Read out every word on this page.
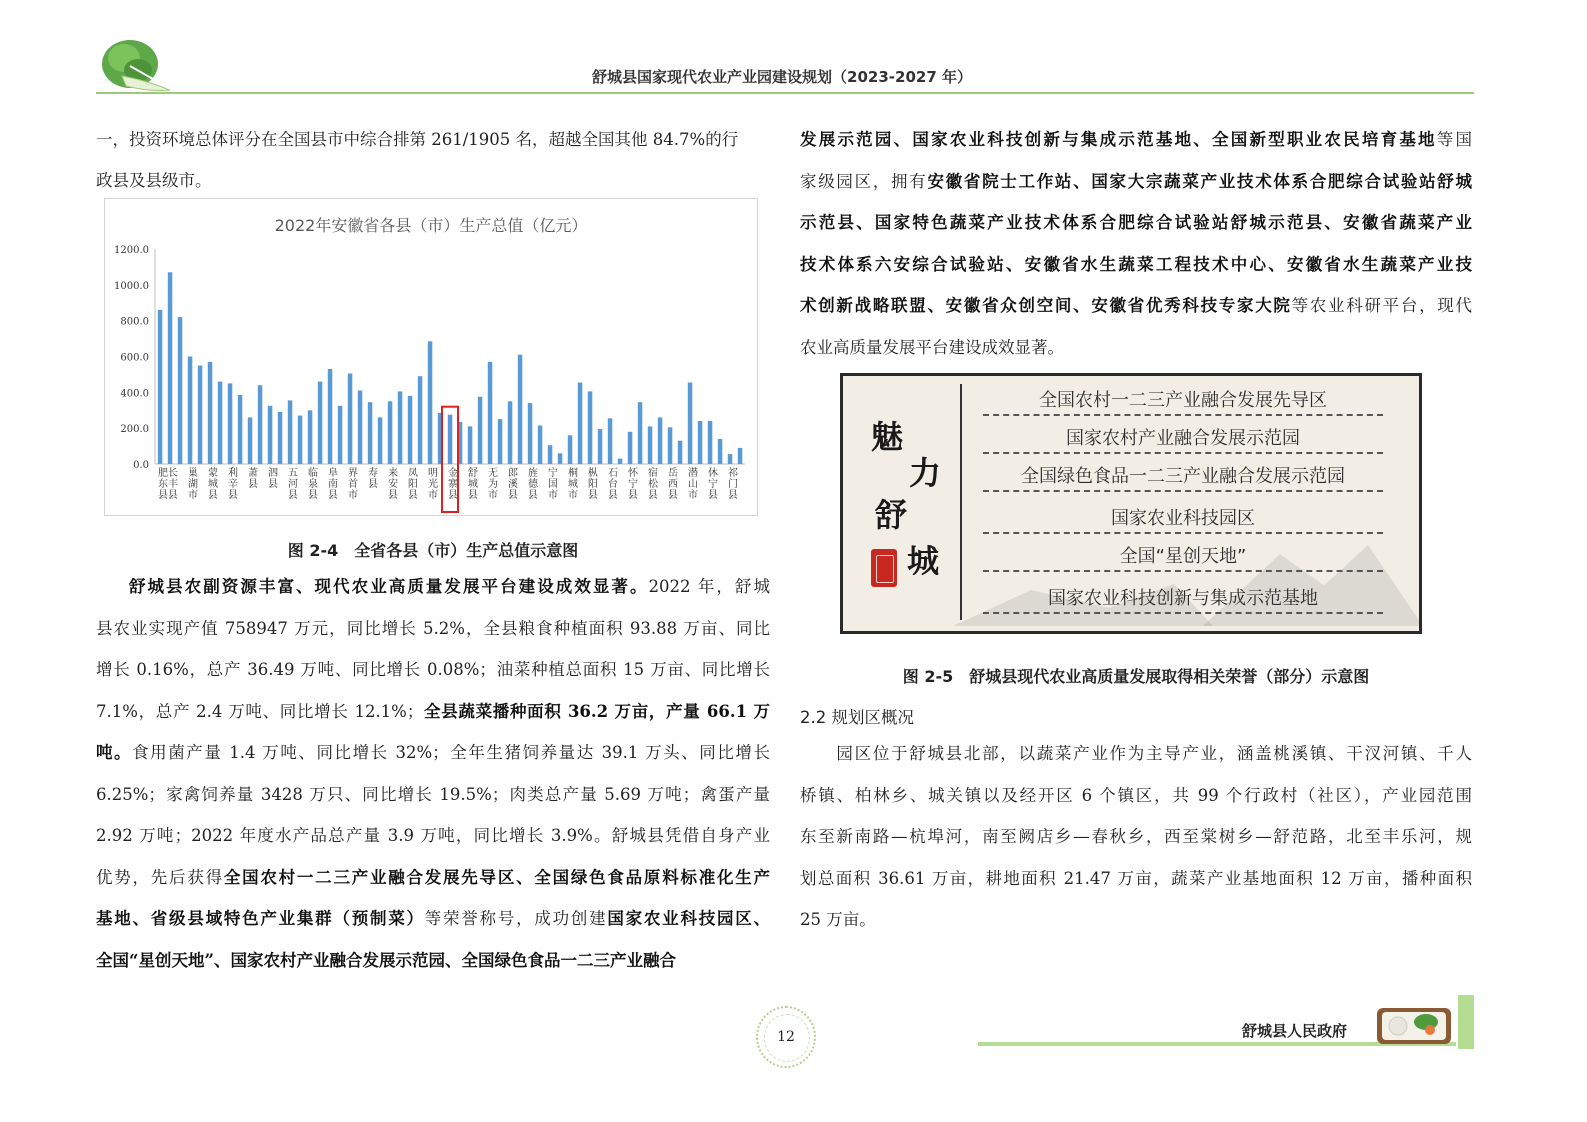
舒城县国家现代农业产业园建设规划（2023-2027 年）
一，投资环境总体评分在全国县市中综合排第 261/1905 名，超越全国其他 84.7%的行
政县及县级市。
2022年安徽省各县（市）生产总值（亿元）
0.0
200.0
400.0
600.0
800.0
1000.0
1200.0
肥
东
县
长
丰
县
巢
湖
市
蒙
城
县
利
辛
县
萧
县
泗
县
五
河
县
临
泉
县
阜
南
县
界
首
市
寿
县
来
安
县
凤
阳
县
明
光
市
金
寨
县
舒
城
县
无
为
市
郎
溪
县
旌
德
县
宁
国
市
桐
城
市
枞
阳
县
石
台
县
怀
宁
县
宿
松
县
岳
西
县
潜
山
市
休
宁
县
祁
门
县
图 2-4　全省各县（市）生产总值示意图
舒城县农副资源丰富、现代农业高质量发展平台建设成效显著。2022 年，舒城
县农业实现产值 758947 万元，同比增长 5.2%，全县粮食种植面积 93.88 万亩、同比
增长 0.16%，总产 36.49 万吨、同比增长 0.08%；油菜种植总面积 15 万亩、同比增长
7.1%，总产 2.4 万吨、同比增长 12.1%；全县蔬菜播种面积 36.2 万亩，产量 66.1 万
吨。食用菌产量 1.4 万吨、同比增长 32%；全年生猪饲养量达 39.1 万头、同比增长
6.25%；家禽饲养量 3428 万只、同比增长 19.5%；肉类总产量 5.69 万吨；禽蛋产量
2.92 万吨；2022 年度水产品总产量 3.9 万吨，同比增长 3.9%。舒城县凭借自身产业
优势，先后获得全国农村一二三产业融合发展先导区、全国绿色食品原料标准化生产
基地、省级县域特色产业集群（预制菜）等荣誉称号，成功创建国家农业科技园区、
全国“星创天地”、国家农村产业融合发展示范园、全国绿色食品一二三产业融合
发展示范园、国家农业科技创新与集成示范基地、全国新型职业农民培育基地等国
家级园区，拥有安徽省院士工作站、国家大宗蔬菜产业技术体系合肥综合试验站舒城
示范县、国家特色蔬菜产业技术体系合肥综合试验站舒城示范县、安徽省蔬菜产业
技术体系六安综合试验站、安徽省水生蔬菜工程技术中心、安徽省水生蔬菜产业技
术创新战略联盟、安徽省众创空间、安徽省优秀科技专家大院等农业科研平台，现代
农业高质量发展平台建设成效显著。
魅
力
舒
城
全国农村一二三产业融合发展先导区
国家农村产业融合发展示范园
全国绿色食品一二三产业融合发展示范园
国家农业科技园区
全国“星创天地”
国家农业科技创新与集成示范基地
图 2-5　舒城县现代农业高质量发展取得相关荣誉（部分）示意图
2.2 规划区概况
　　园区位于舒城县北部，以蔬菜产业作为主导产业，涵盖桃溪镇、干汊河镇、千人
桥镇、柏林乡、城关镇以及经开区 6 个镇区，共 99 个行政村（社区），产业园范围
东至新南路—杭埠河，南至阙店乡—春秋乡，西至棠树乡—舒范路，北至丰乐河，规
划总面积 36.61 万亩，耕地面积 21.47 万亩，蔬菜产业基地面积 12 万亩，播种面积
25 万亩。
12	舒城县人民政府
